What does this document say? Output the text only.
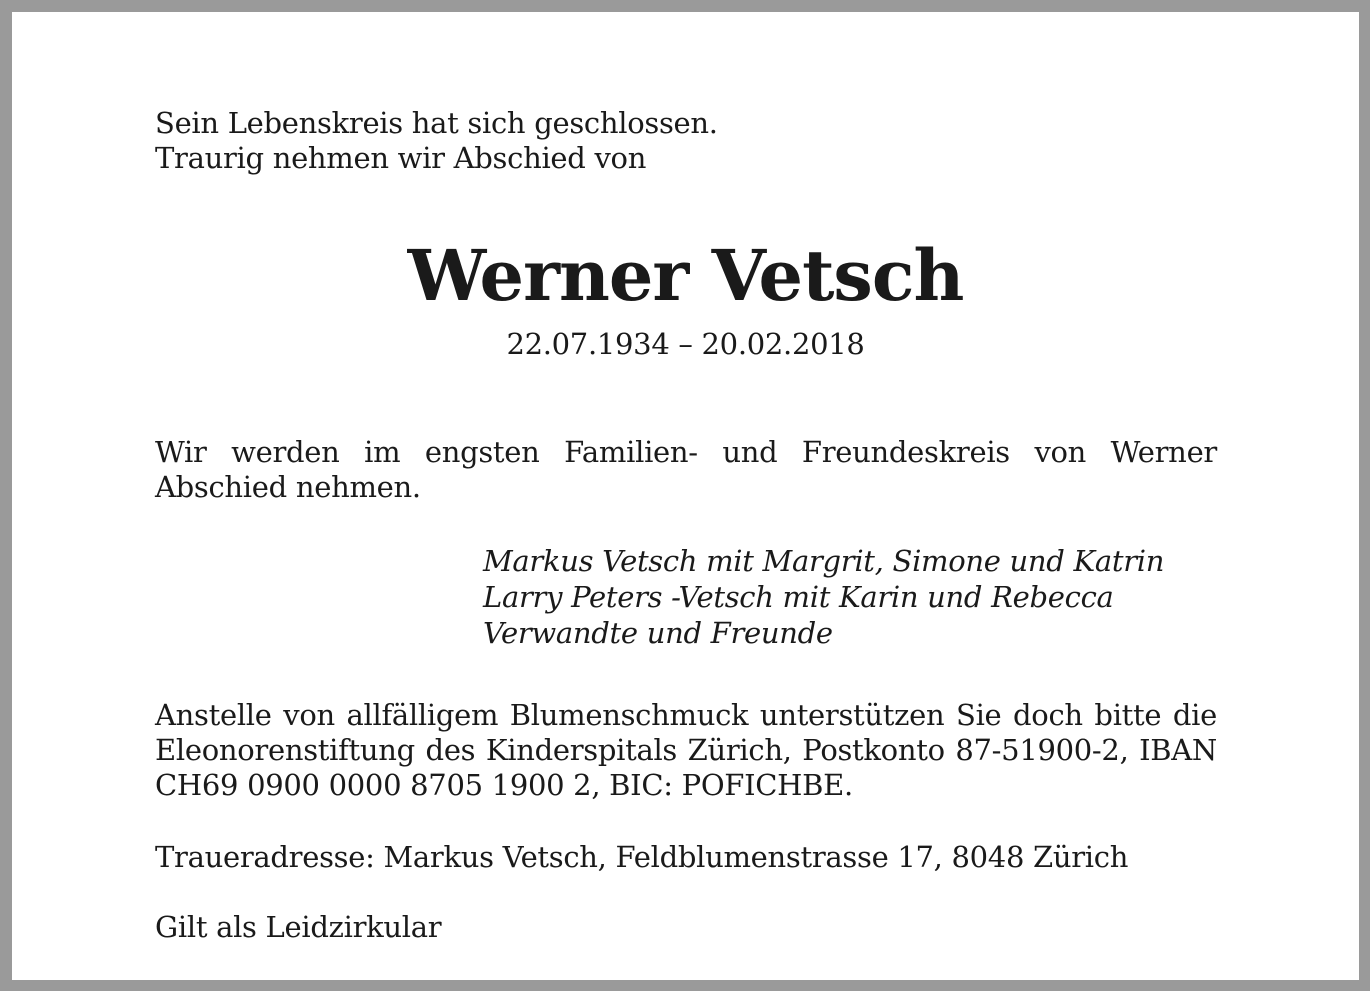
Sein Lebenskreis hat sich geschlossen.
Traurig nehmen wir Abschied von
Werner Vetsch
22.07.1934 – 20.02.2018
Wir werden im engsten Familien- und Freundeskreis von Werner Abschied nehmen.
Markus Vetsch mit Margrit, Simone und Katrin
Larry Peters -Vetsch mit Karin und Rebecca
Verwandte und Freunde
Anstelle von allfälligem Blumenschmuck unterstützen Sie doch bitte die Eleonorenstiftung des Kinderspitals Zürich, Postkonto 87-51900-2, IBAN CH69 0900 0000 8705 1900 2, BIC: POFICHBE.
Traueradresse: Markus Vetsch, Feldblumenstrasse 17, 8048 Zürich
Gilt als Leidzirkular
